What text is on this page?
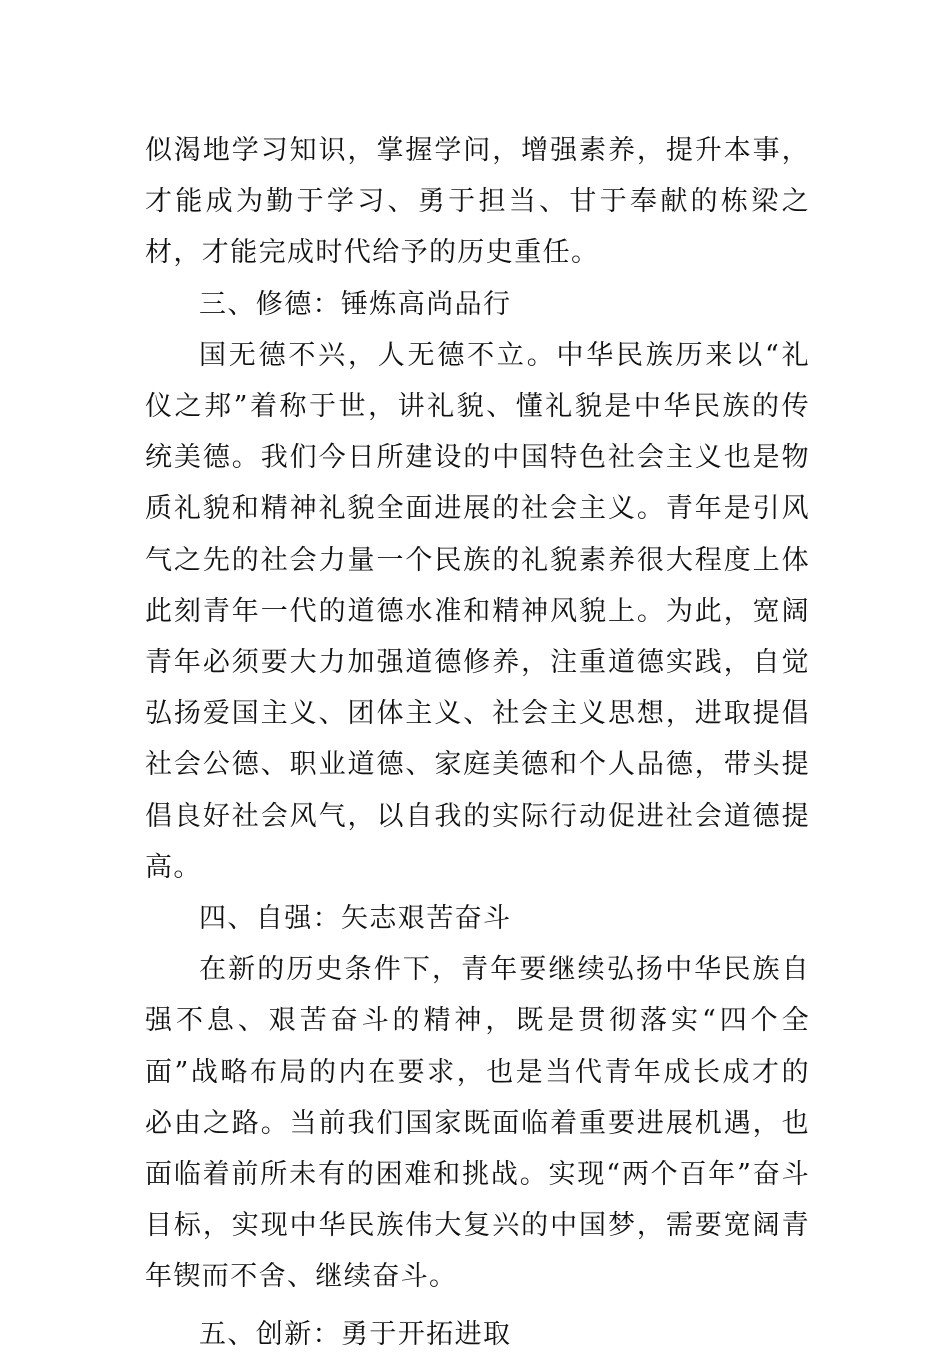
似渴地学习知识，掌握学问，增强素养，提升本事，才能成为勤于学习、勇于担当、甘于奉献的栋梁之材，才能完成时代给予的历史重任。

三、修德：锤炼高尚品行

国无德不兴，人无德不立。中华民族历来以“礼仪之邦”着称于世，讲礼貌、懂礼貌是中华民族的传统美德。我们今日所建设的中国特色社会主义也是物质礼貌和精神礼貌全面进展的社会主义。青年是引风气之先的社会力量一个民族的礼貌素养很大程度上体此刻青年一代的道德水准和精神风貌上。为此，宽阔青年必须要大力加强道德修养，注重道德实践，自觉弘扬爱国主义、团体主义、社会主义思想，进取提倡社会公德、职业道德、家庭美德和个人品德，带头提倡良好社会风气，以自我的实际行动促进社会道德提高。

四、自强：矢志艰苦奋斗

在新的历史条件下，青年要继续弘扬中华民族自强不息、艰苦奋斗的精神，既是贯彻落实“四个全面”战略布局的内在要求，也是当代青年成长成才的必由之路。当前我们国家既面临着重要进展机遇，也面临着前所未有的困难和挑战。实现“两个百年”奋斗目标，实现中华民族伟大复兴的中国梦，需要宽阔青年锲而不舍、继续奋斗。

五、创新：勇于开拓进取
